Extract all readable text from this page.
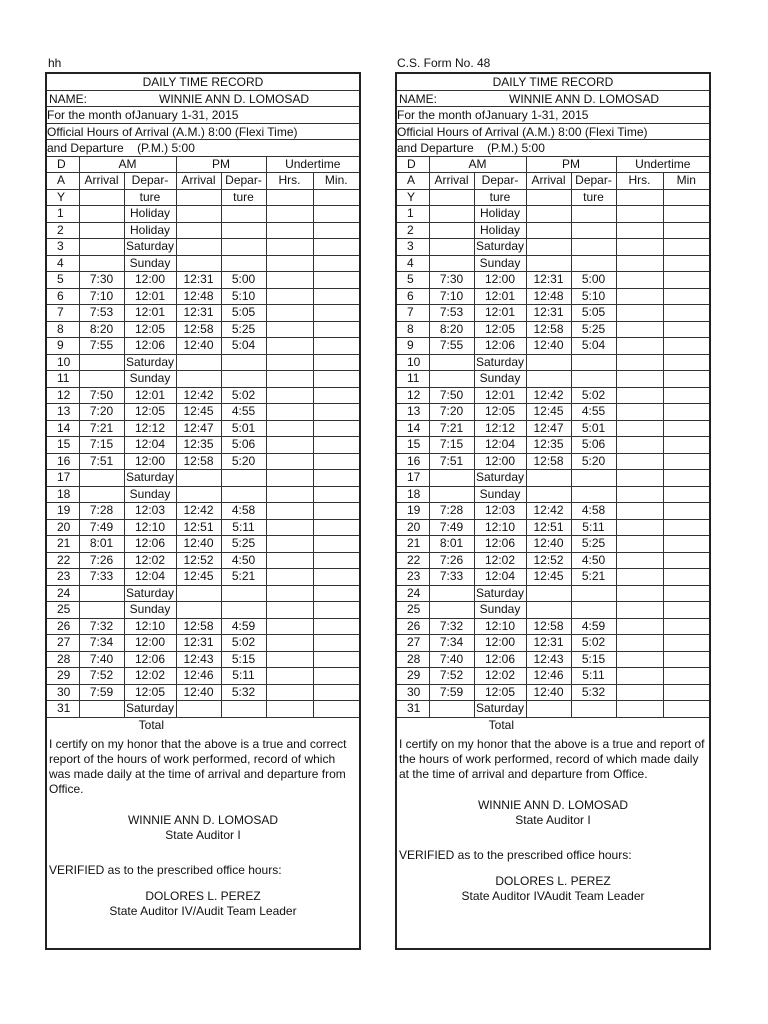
hh	C.S. Form No. 48
DAILY TIME RECORD
NAME:	WINNIE ANN D. LOMOSAD
For the month ofJanuary 1-31, 2015
Official Hours of Arrival (A.M.) 8:00 (Flexi Time)
and Departure (P.M.) 5:00
D	AM		PM		Undertime	
A	Arrival	Depar-	Arrival	Depar-	Hrs.	Min.
Y		ture		ture		
1		Holiday				
2		Holiday				
3		Saturday				
4		Sunday				
5	7:30	12:00	12:31	5:00		
6	7:10	12:01	12:48	5:10		
7	7:53	12:01	12:31	5:05		
8	8:20	12:05	12:58	5:25		
9	7:55	12:06	12:40	5:04		
10		Saturday				
11		Sunday				
12	7:50	12:01	12:42	5:02		
13	7:20	12:05	12:45	4:55		
14	7:21	12:12	12:47	5:01		
15	7:15	12:04	12:35	5:06		
16	7:51	12:00	12:58	5:20		
17		Saturday				
18		Sunday				
19	7:28	12:03	12:42	4:58		
20	7:49	12:10	12:51	5:11		
21	8:01	12:06	12:40	5:25		
22	7:26	12:02	12:52	4:50		
23	7:33	12:04	12:45	5:21		
24		Saturday				
25		Sunday				
26	7:32	12:10	12:58	4:59		
27	7:34	12:00	12:31	5:02		
28	7:40	12:06	12:43	5:15		
29	7:52	12:02	12:46	5:11		
30	7:59	12:05	12:40	5:32		
31		Saturday				
Total						
I certify on my honor that the above is a true and correct report of the hours of work performed, record of which was made daily at the time of arrival and departure from Office.
WINNIE ANN D. LOMOSAD
State Auditor I
VERIFIED as to the prescribed office hours:
DOLORES L. PEREZ
State Auditor IV/Audit Team Leader
DAILY TIME RECORD
NAME:	WINNIE ANN D. LOMOSAD
For the month ofJanuary 1-31, 2015
Official Hours of Arrival (A.M.) 8:00 (Flexi Time)
and Departure (P.M.) 5:00
D	AM		PM		Undertime	
A	Arrival	Depar-	Arrival	Depar-	Hrs.	Min
Y		ture		ture		
1		Holiday				
2		Holiday				
3		Saturday				
4		Sunday				
5	7:30	12:00	12:31	5:00		
6	7:10	12:01	12:48	5:10		
7	7:53	12:01	12:31	5:05		
8	8:20	12:05	12:58	5:25		
9	7:55	12:06	12:40	5:04		
10		Saturday				
11		Sunday				
12	7:50	12:01	12:42	5:02		
13	7:20	12:05	12:45	4:55		
14	7:21	12:12	12:47	5:01		
15	7:15	12:04	12:35	5:06		
16	7:51	12:00	12:58	5:20		
17		Saturday				
18		Sunday				
19	7:28	12:03	12:42	4:58		
20	7:49	12:10	12:51	5:11		
21	8:01	12:06	12:40	5:25		
22	7:26	12:02	12:52	4:50		
23	7:33	12:04	12:45	5:21		
24		Saturday				
25		Sunday				
26	7:32	12:10	12:58	4:59		
27	7:34	12:00	12:31	5:02		
28	7:40	12:06	12:43	5:15		
29	7:52	12:02	12:46	5:11		
30	7:59	12:05	12:40	5:32		
31		Saturday				
Total						
I certify on my honor that the above is a true and report of the hours of work performed, record of which made daily at the time of arrival and departure from Office.
WINNIE ANN D. LOMOSAD
State Auditor I
VERIFIED as to the prescribed office hours:
DOLORES L. PEREZ
State Auditor IVAudit Team Leader
